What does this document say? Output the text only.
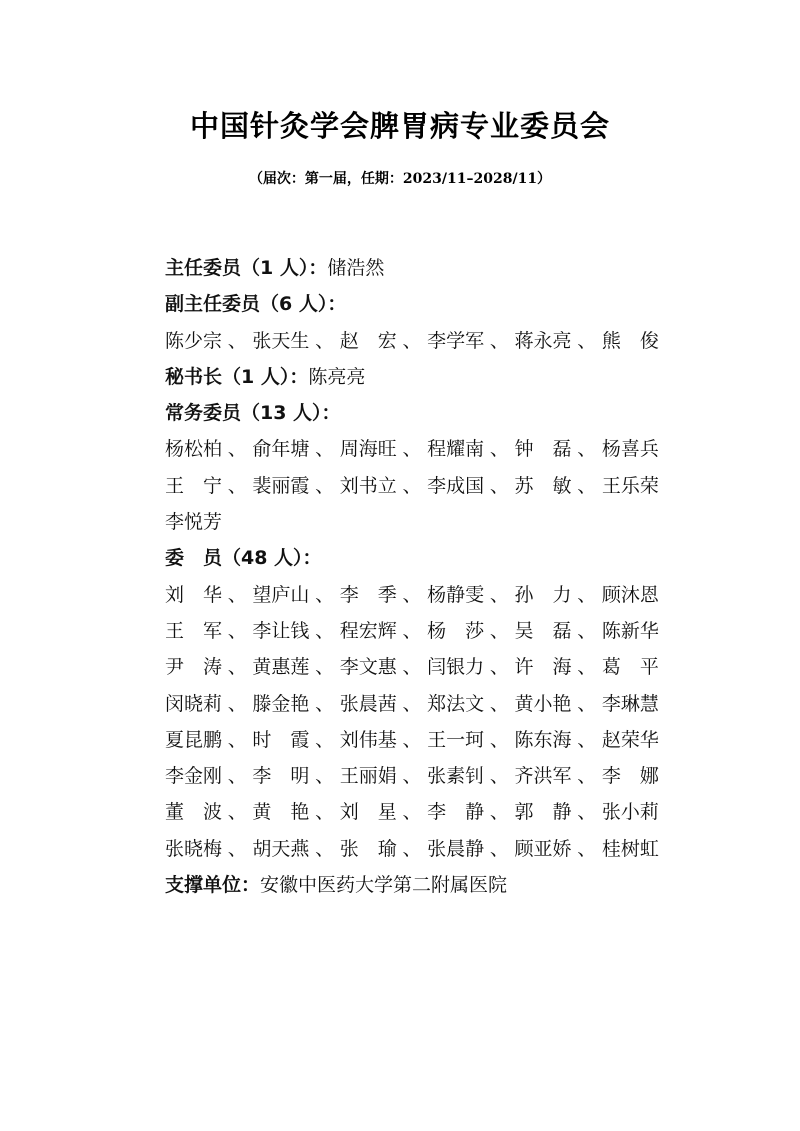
中国针灸学会脾胃病专业委员会
（届次：第一届，任期：2023/11–2028/11）
主任委员（1 人）：储浩然
副主任委员（6 人）：
陈少宗 、 张天生 、 赵　宏 、 李学军 、 蒋永亮 、 熊　俊
秘书长（1 人）：陈亮亮
常务委员（13 人）：
杨松柏 、 俞年塘 、 周海旺 、 程耀南 、 钟　磊 、 杨喜兵
王　宁 、 裴丽霞 、 刘书立 、 李成国 、 苏　敏 、 王乐荣
李悦芳
委　员（48 人）：
刘　华 、 望庐山 、 李　季 、 杨静雯 、 孙　力 、 顾沐恩
王　军 、 李让钱 、 程宏辉 、 杨　莎 、 吴　磊 、 陈新华
尹　涛 、 黄惠莲 、 李文惠 、 闫银力 、 许　海 、 葛　平
闵晓莉 、 滕金艳 、 张晨茜 、 郑法文 、 黄小艳 、 李琳慧
夏昆鹏 、 时　霞 、 刘伟基 、 王一珂 、 陈东海 、 赵荣华
李金刚 、 李　明 、 王丽娟 、 张素钊 、 齐洪军 、 李　娜
董　波 、 黄　艳 、 刘　星 、 李　静 、 郭　静 、 张小莉
张晓梅 、 胡天燕 、 张　瑜 、 张晨静 、 顾亚娇 、 桂树虹
支撑单位：安徽中医药大学第二附属医院
